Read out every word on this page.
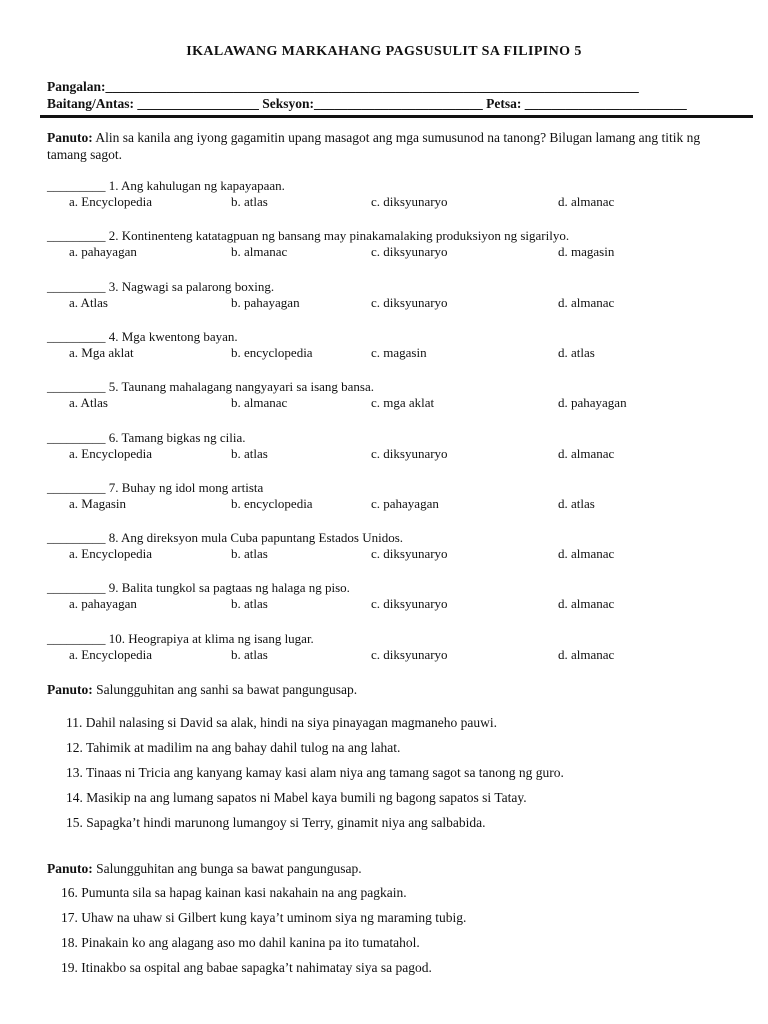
IKALAWANG MARKAHANG PAGSUSULIT SA FILIPINO 5
Pangalan:_______________________________________________________________________________
Baitang/Antas: __________________ Seksyon:_________________________ Petsa: ________________________
Panuto: Alin sa kanila ang iyong gagamitin upang masagot ang mga sumusunod na tanong? Bilugan lamang ang titik ng tamang sagot.
_________ 1. Ang kahulugan ng kapayapaan.
a. Encyclopedia	b. atlas	c. diksyunaryo	d. almanac
_________ 2. Kontinenteng katatagpuan ng bansang may pinakamalaking produksiyon ng sigarilyo.
a. pahayagan	b. almanac	c. diksyunaryo	d. magasin
_________ 3. Nagwagi sa palarong boxing.
a. Atlas	b. pahayagan	c. diksyunaryo	d. almanac
_________ 4. Mga kwentong bayan.
a. Mga aklat	b. encyclopedia	c. magasin	d. atlas
_________ 5. Taunang mahalagang nangyayari sa isang bansa.
a. Atlas	b. almanac	c. mga aklat	d. pahayagan
_________ 6. Tamang bigkas ng cilia.
a. Encyclopedia	b. atlas	c. diksyunaryo	d. almanac
_________ 7. Buhay ng idol mong artista
a. Magasin	b. encyclopedia	c. pahayagan	d. atlas
_________ 8. Ang direksyon mula Cuba papuntang Estados Unidos.
a. Encyclopedia	b. atlas	c. diksyunaryo	d. almanac
_________ 9. Balita tungkol sa pagtaas ng halaga ng piso.
a. pahayagan	b. atlas	c. diksyunaryo	d. almanac
_________ 10. Heograpiya at klima ng isang lugar.
a. Encyclopedia	b. atlas	c. diksyunaryo	d. almanac
Panuto: Salungguhitan ang sanhi sa bawat pangungusap.
11. Dahil nalasing si David sa alak, hindi na siya pinayagan magmaneho pauwi.
12. Tahimik at madilim na ang bahay dahil tulog na ang lahat.
13. Tinaas ni Tricia ang kanyang kamay kasi alam niya ang tamang sagot sa tanong ng guro.
14. Masikip na ang lumang sapatos ni Mabel kaya bumili ng bagong sapatos si Tatay.
15. Sapagka’t hindi marunong lumangoy si Terry, ginamit niya ang salbabida.
Panuto: Salungguhitan ang bunga sa bawat pangungusap.
16. Pumunta sila sa hapag kainan kasi nakahain na ang pagkain.
17. Uhaw na uhaw si Gilbert kung kaya’t uminom siya ng maraming tubig.
18. Pinakain ko ang alagang aso mo dahil kanina pa ito tumatahol.
19. Itinakbo sa ospital ang babae sapagka’t nahimatay siya sa pagod.
